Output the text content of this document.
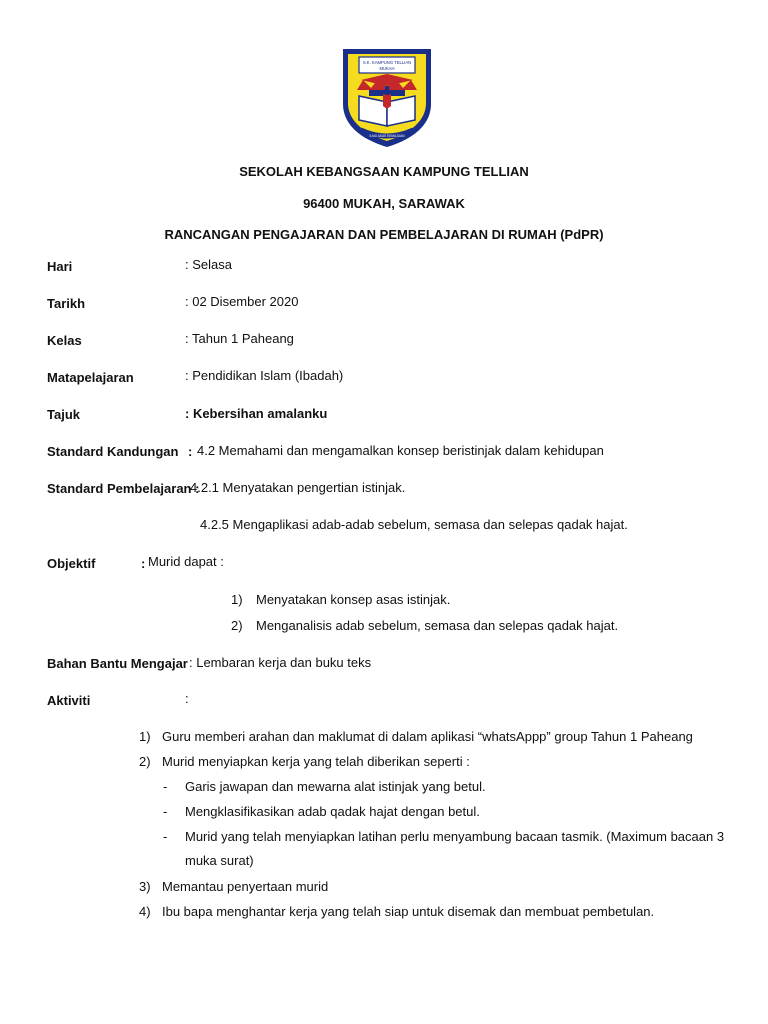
S.K. KAMPUNG TELLIAN
MUKAH
ILMU ASAS KEMAJUAN
SEKOLAH KEBANGSAAN KAMPUNG TELLIAN
96400 MUKAH, SARAWAK
RANCANGAN PENGAJARAN DAN PEMBELAJARAN DI RUMAH (PdPR)
Hari	: Selasa
Tarikh	: 02 Disember 2020
Kelas	: Tahun 1 Paheang
Matapelajaran	: Pendidikan Islam (Ibadah)
Tajuk	: Kebersihan amalanku
Standard Kandungan : 4.2 Memahami dan mengamalkan konsep beristinjak dalam kehidupan
Standard Pembelajaran :
4.2.1 Menyatakan pengertian istinjak.
4.2.5 Mengaplikasi adab-adab sebelum, semasa dan selepas qadak hajat.
Objektif	: Murid dapat :
1) Menyatakan konsep asas istinjak.
2) Menganalisis adab sebelum, semasa dan selepas qadak hajat.
Bahan Bantu Mengajar : Lembaran kerja dan buku teks
Aktiviti	:
1) Guru memberi arahan dan maklumat di dalam aplikasi “whatsAppp” group Tahun 1 Paheang
2) Murid menyiapkan kerja yang telah diberikan seperti :
- Garis jawapan dan mewarna alat istinjak yang betul.
- Mengklasifikasikan adab qadak hajat dengan betul.
- Murid yang telah menyiapkan latihan perlu menyambung bacaan tasmik. (Maximum bacaan 3
muka surat)
3) Memantau penyertaan murid
4) Ibu bapa menghantar kerja yang telah siap untuk disemak dan membuat pembetulan.
